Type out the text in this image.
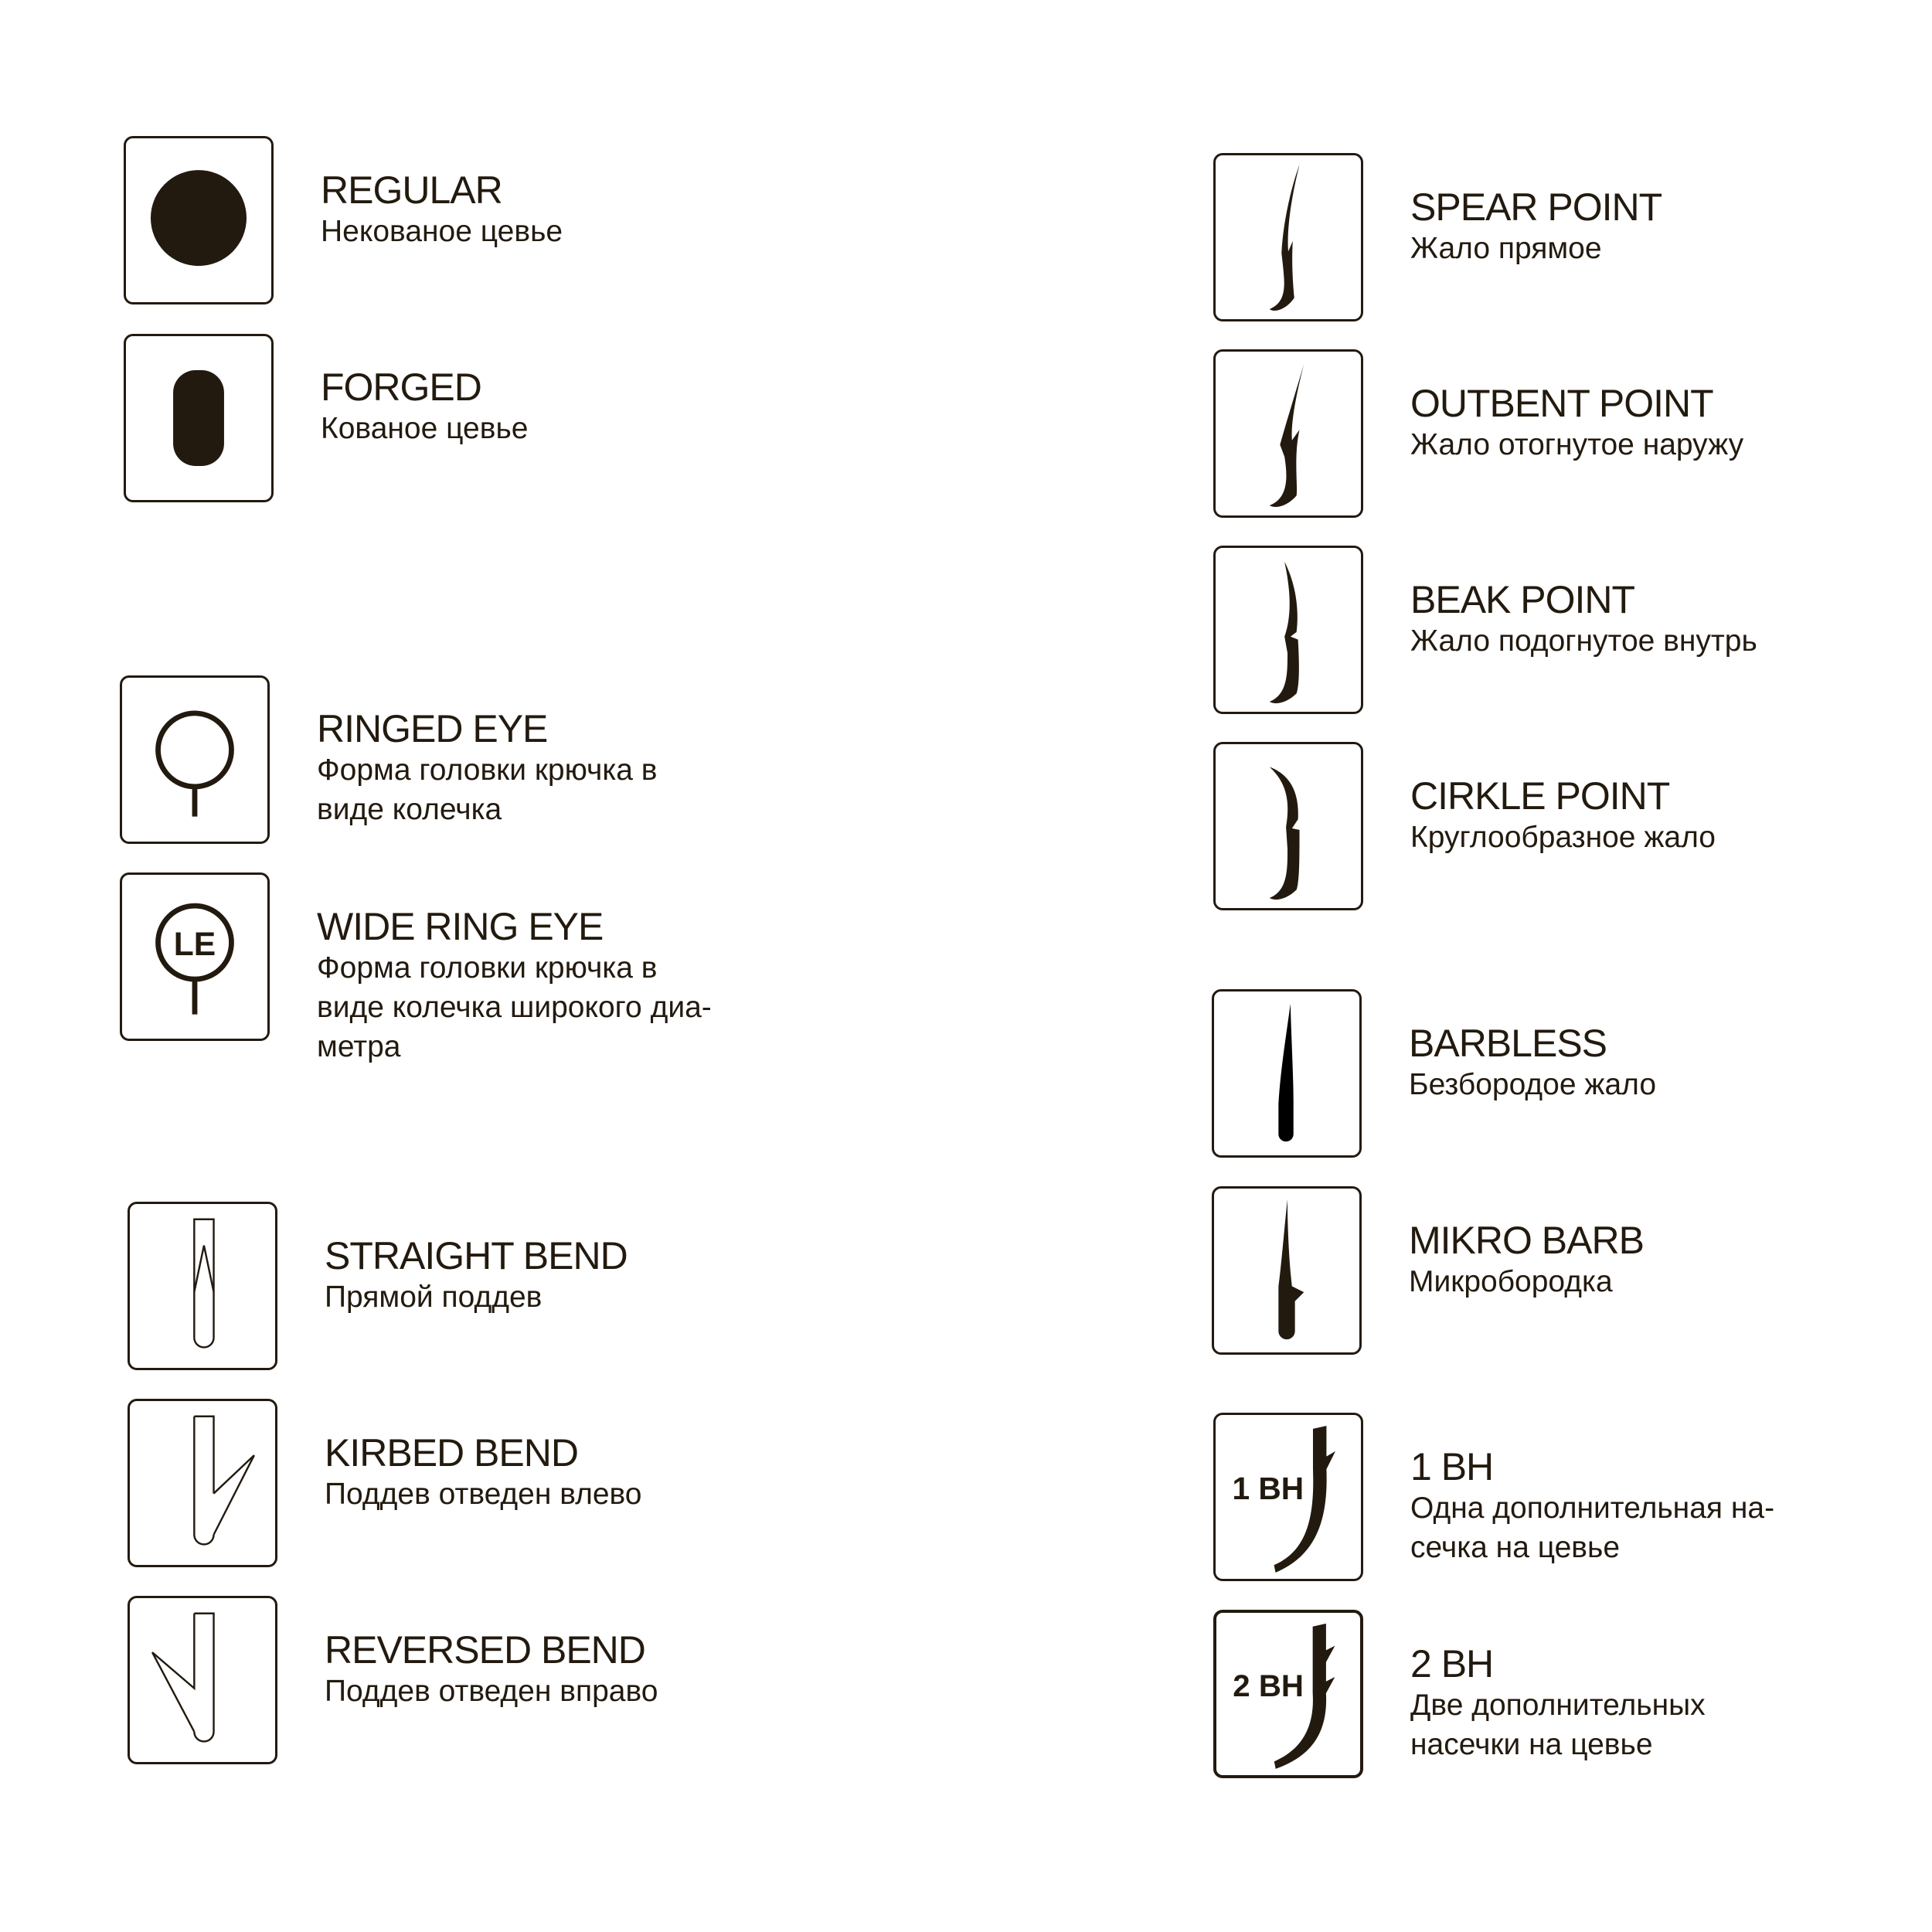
REGULAR
Некованое цевье
FORGED
Кованое цевье
RINGED EYE
Форма головки крючка в
виде колечка
LE	WIDE RING EYE
Форма головки крючка в
виде колечка широкого диа-
метра
STRAIGHT BEND
Прямой поддев
KIRBED BEND
Поддев отведен влево
REVERSED BEND
Поддев отведен вправо
SPEAR POINT
Жало прямое
OUTBENT POINT
Жало отогнутое наружу
BEAK POINT
Жало подогнутое внутрь
CIRKLE POINT
Круглообразное жало
BARBLESS
Безбородое жало
MIKRO BARB
Микробородка
1 BH	1 BH
Одна дополнительная на-
сечка на цевье
2 BH
2 BH
Две дополнительных
насечки на цевье
